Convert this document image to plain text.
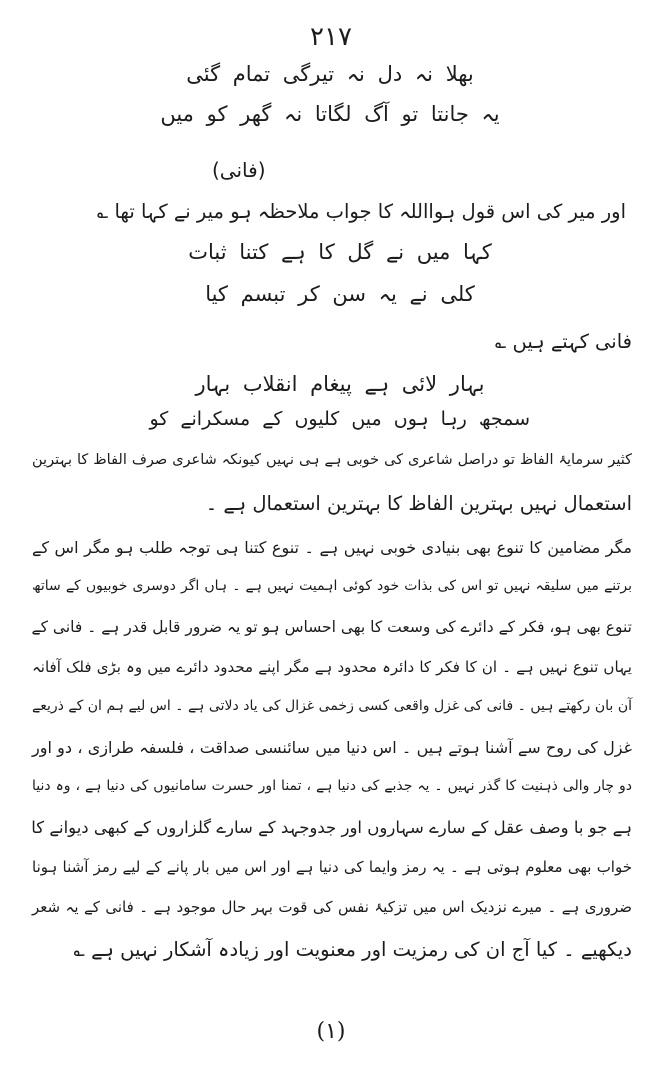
۲۱۷
بھلا نہ دل نہ تیرگی تمام گئی
یہ جانتا تو آگ لگاتا نہ گھر کو میں
(فانی)
اور میر کی اس قول ہوااللہ کا جواب ملاحظہ ہو میر نے کہا تھا ؎
کہا میں نے گل کا ہے کتنا ثبات
کلی نے یہ سن کر تبسم کیا
فانی کہتے ہیں ؎
بہار لائی ہے پیغام انقلاب بہار
سمجھ رہا ہوں میں کلیوں کے مسکرانے کو
کثیر سرمایۂ الفاظ تو دراصل شاعری کی خوبی ہے ہی نہیں کیونکہ شاعری صرف الفاظ کا بہترین
استعمال نہیں بہترین الفاظ کا بہترین استعمال ہے ۔
مگر مضامین کا تنوع بھی بنیادی خوبی نہیں ہے ۔ تنوع کتنا ہی توجہ طلب ہو مگر اس کے
برتنے میں سلیقہ نہیں تو اس کی بذات خود کوئی اہمیت نہیں ہے ۔ ہاں اگر دوسری خوبیوں کے ساتھ
تنوع بھی ہو، فکر کے دائرے کی وسعت کا بھی احساس ہو تو یہ ضرور قابل قدر ہے ۔ فانی کے
یہاں تنوع نہیں ہے ۔ ان کا فکر کا دائرہ محدود ہے مگر اپنے محدود دائرے میں وہ بڑی فلک آفانہ
آن بان رکھتے ہیں ۔ فانی کی غزل واقعی کسی زخمی غزال کی یاد دلاتی ہے ۔ اس لیے ہم ان کے ذریعے
غزل کی روح سے آشنا ہوتے ہیں ۔ اس دنیا میں سائنسی صداقت ، فلسفہ طرازی ، دو اور
دو چار والی ذہنیت کا گذر نہیں ۔ یہ جذبے کی دنیا ہے ، تمنا اور حسرت سامانیوں کی دنیا ہے ، وہ دنیا
ہے جو با وصف عقل کے سارے سہاروں اور جدوجہد کے سارے گلزاروں کے کبھی دیوانے کا
خواب بھی معلوم ہوتی ہے ۔ یہ رمز وایما کی دنیا ہے اور اس میں بار پانے کے لیے رمز آشنا ہونا
ضروری ہے ۔ میرے نزدیک اس میں تزکیۂ نفس کی قوت بہر حال موجود ہے ۔ فانی کے یہ شعر
دیکھیے ۔ کیا آج ان کی رمزیت اور معنویت اور زیادہ آشکار نہیں ہے ؎
(۱)
